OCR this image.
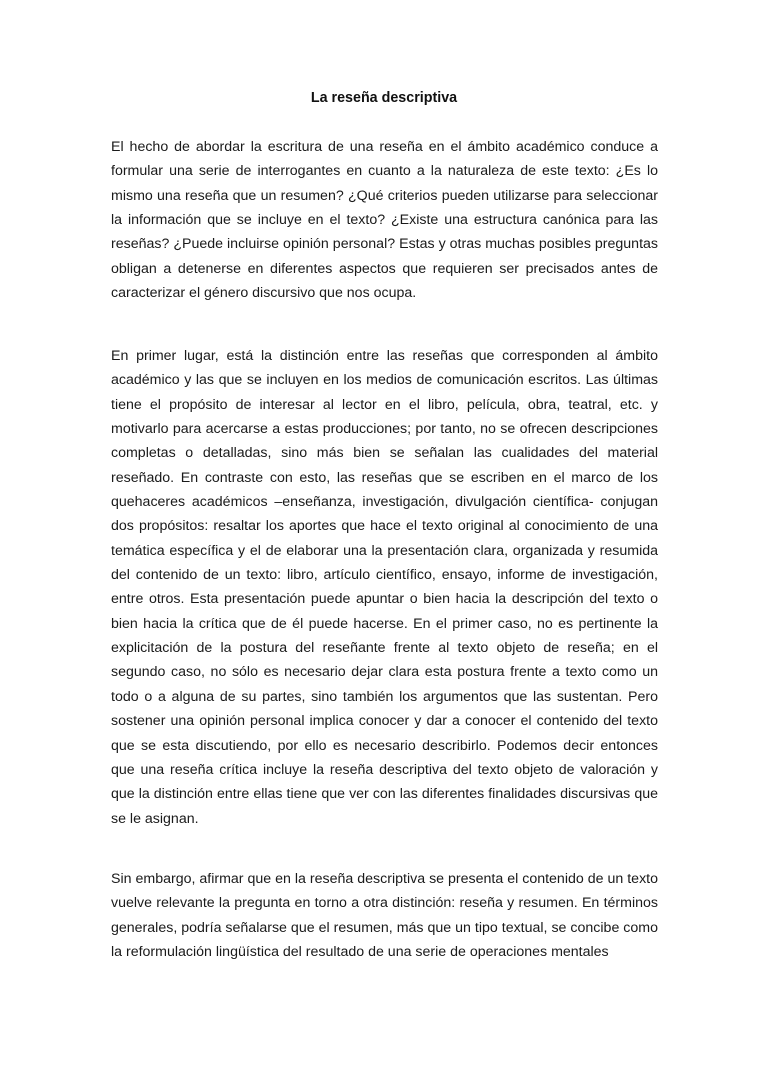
La reseña descriptiva

El hecho de abordar la escritura de una reseña en el ámbito académico conduce a formular una serie de interrogantes en cuanto a la naturaleza de este texto: ¿Es lo mismo una reseña que un resumen? ¿Qué criterios pueden utilizarse para seleccionar la información que se incluye en el texto? ¿Existe una estructura canónica para las reseñas? ¿Puede incluirse opinión personal? Estas y otras muchas posibles preguntas obligan a detenerse en diferentes aspectos que requieren ser precisados antes de caracterizar el género discursivo que nos ocupa.

En primer lugar, está la distinción entre las reseñas que corresponden al ámbito académico y las que se incluyen en los medios de comunicación escritos. Las últimas tiene el propósito de interesar al lector en el libro, película, obra, teatral, etc. y motivarlo para acercarse a estas producciones; por tanto, no se ofrecen descripciones completas o detalladas, sino más bien se señalan las cualidades del material reseñado. En contraste con esto, las reseñas que se escriben en el marco de los quehaceres académicos –enseñanza, investigación, divulgación científica- conjugan dos propósitos: resaltar los aportes que hace el texto original al conocimiento de una temática específica y el de elaborar una la presentación clara, organizada y resumida del contenido de un texto: libro, artículo científico, ensayo, informe de investigación, entre otros. Esta presentación puede apuntar o bien hacia la descripción del texto o bien hacia la crítica que de él puede hacerse. En el primer caso, no es pertinente la explicitación de la postura del reseñante frente al texto objeto de reseña; en el segundo caso, no sólo es necesario dejar clara esta postura frente a texto como un todo o a alguna de su partes, sino también los argumentos que las sustentan. Pero sostener una opinión personal implica conocer y dar a conocer el contenido del texto que se esta discutiendo, por ello es necesario describirlo. Podemos decir entonces que una reseña crítica incluye la reseña descriptiva del texto objeto de valoración y que la distinción entre ellas tiene que ver con las diferentes finalidades discursivas que se le asignan.

Sin embargo, afirmar que en la reseña descriptiva se presenta el contenido de un texto vuelve relevante la pregunta en torno a otra distinción: reseña y resumen. En términos generales, podría señalarse que el resumen, más que un tipo textual, se concibe como la reformulación lingüística del resultado de una serie de operaciones mentales
